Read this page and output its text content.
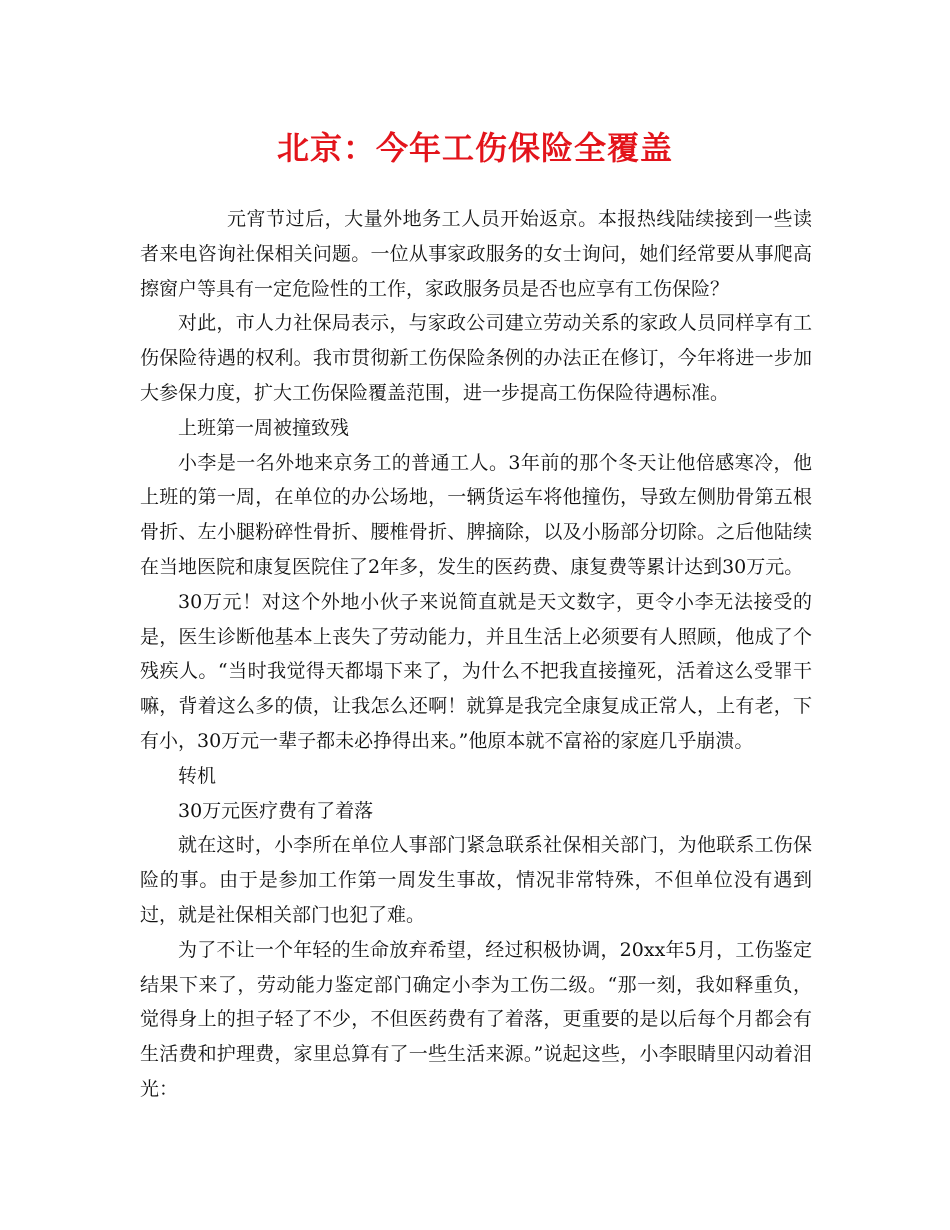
北京：今年工伤保险全覆盖

元宵节过后，大量外地务工人员开始返京。本报热线陆续接到一些读者来电咨询社保相关问题。一位从事家政服务的女士询问，她们经常要从事爬高擦窗户等具有一定危险性的工作，家政服务员是否也应享有工伤保险？

对此，市人力社保局表示，与家政公司建立劳动关系的家政人员同样享有工伤保险待遇的权利。我市贯彻新工伤保险条例的办法正在修订，今年将进一步加大参保力度，扩大工伤保险覆盖范围，进一步提高工伤保险待遇标准。

上班第一周被撞致残

小李是一名外地来京务工的普通工人。3年前的那个冬天让他倍感寒冷，他上班的第一周，在单位的办公场地，一辆货运车将他撞伤，导致左侧肋骨第五根骨折、左小腿粉碎性骨折、腰椎骨折、脾摘除，以及小肠部分切除。之后他陆续在当地医院和康复医院住了2年多，发生的医药费、康复费等累计达到30万元。

30万元！对这个外地小伙子来说简直就是天文数字，更令小李无法接受的是，医生诊断他基本上丧失了劳动能力，并且生活上必须要有人照顾，他成了个残疾人。“当时我觉得天都塌下来了，为什么不把我直接撞死，活着这么受罪干嘛，背着这么多的债，让我怎么还啊！就算是我完全康复成正常人，上有老，下有小，30万元一辈子都未必挣得出来。”他原本就不富裕的家庭几乎崩溃。

转机

30万元医疗费有了着落

就在这时，小李所在单位人事部门紧急联系社保相关部门，为他联系工伤保险的事。由于是参加工作第一周发生事故，情况非常特殊，不但单位没有遇到过，就是社保相关部门也犯了难。

为了不让一个年轻的生命放弃希望，经过积极协调，20xx年5月，工伤鉴定结果下来了，劳动能力鉴定部门确定小李为工伤二级。“那一刻，我如释重负，觉得身上的担子轻了不少，不但医药费有了着落，更重要的是以后每个月都会有生活费和护理费，家里总算有了一些生活来源。”说起这些，小李眼睛里闪动着泪光：
